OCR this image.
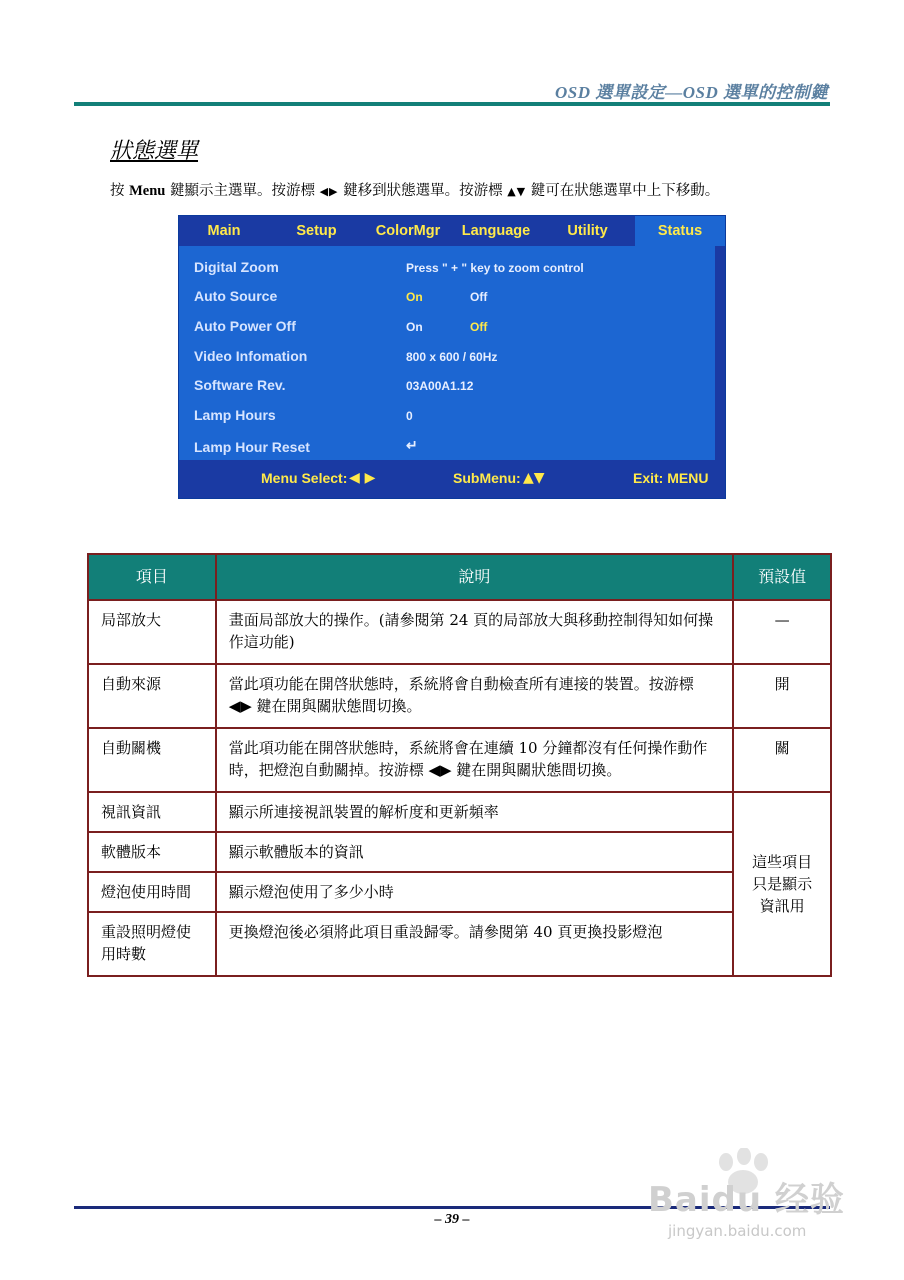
OSD 選單設定—OSD 選單的控制鍵
狀態選單
按 Menu 鍵顯示主選單。按游標 ◀▶ 鍵移到狀態選單。按游標 ▲▼ 鍵可在狀態選單中上下移動。
Main	Setup	ColorMgr	Language	Utility	Status
Digital Zoom	Press " + " key to zoom control
Auto Source	On	Off
Auto Power Off	On	Off
Video Infomation	800 x 600 / 60Hz
Software Rev.	03A00A1.12
Lamp Hours	0
Lamp Hour Reset	↵
Menu Select: ◀ ▶	SubMenu: ▲▼	Exit: MENU
項目	說明	預設值
局部放大	畫面局部放大的操作。(請參閱第 24 頁的局部放大與移動控制得知如何操作這功能)	—
自動來源	當此項功能在開啓狀態時，系統將會自動檢查所有連接的裝置。按游標 ◀▶ 鍵在開與關狀態間切換。	開
自動關機	當此項功能在開啓狀態時，系統將會在連續 10 分鐘都沒有任何操作動作時，把燈泡自動關掉。按游標 ◀▶ 鍵在開與關狀態間切換。	關
視訊資訊	顯示所連接視訊裝置的解析度和更新頻率	這些項目只是顯示資訊用
軟體版本	顯示軟體版本的資訊	
燈泡使用時間	顯示燈泡使用了多少小時	
重設照明燈使用時數	更換燈泡後必須將此項目重設歸零。請參閱第 40 頁更換投影燈泡	
– 39 –	Baidu 经验
jingyan.baidu.com
